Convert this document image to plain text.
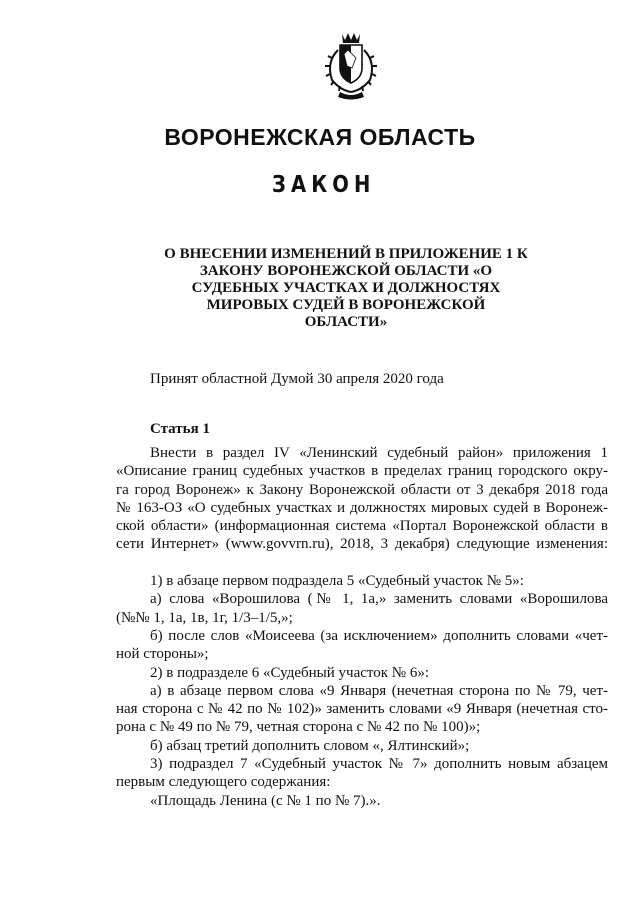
ВОРОНЕЖСКАЯ ОБЛАСТЬ
ЗАКОН
О ВНЕСЕНИИ ИЗМЕНЕНИЙ В ПРИЛОЖЕНИЕ 1 К
ЗАКОНУ ВОРОНЕЖСКОЙ ОБЛАСТИ «О
СУДЕБНЫХ УЧАСТКАХ И ДОЛЖНОСТЯХ
МИРОВЫХ СУДЕЙ В ВОРОНЕЖСКОЙ
ОБЛАСТИ»
Принят областной Думой 30 апреля 2020 года
Статья 1
Внести в раздел IV «Ленинский судебный район» приложения 1
«Описание границ судебных участков в пределах границ городского окру-
га город Воронеж» к Закону Воронежской области от 3 декабря 2018 года
№ 163-ОЗ «О судебных участках и должностях мировых судей в Воронеж-
ской области» (информационная система «Портал Воронежской области в
сети Интернет» (www.govvrn.ru), 2018, 3 декабря) следующие изменения:
1) в абзаце первом подраздела 5 «Судебный участок № 5»:
а) слова «Ворошилова (№ 1, 1а,» заменить словами «Ворошилова
(№№ 1, 1а, 1в, 1г, 1/3–1/5,»;
б) после слов «Моисеева (за исключением» дополнить словами «чет-
ной стороны»;
2) в подразделе 6 «Судебный участок № 6»:
а) в абзаце первом слова «9 Января (нечетная сторона по № 79, чет-
ная сторона с № 42 по № 102)» заменить словами «9 Января (нечетная сто-
рона с № 49 по № 79, четная сторона с № 42 по № 100)»;
б) абзац третий дополнить словом «, Ялтинский»;
3) подраздел 7 «Судебный участок № 7» дополнить новым абзацем
первым следующего содержания:
«Площадь Ленина (с № 1 по № 7).».
